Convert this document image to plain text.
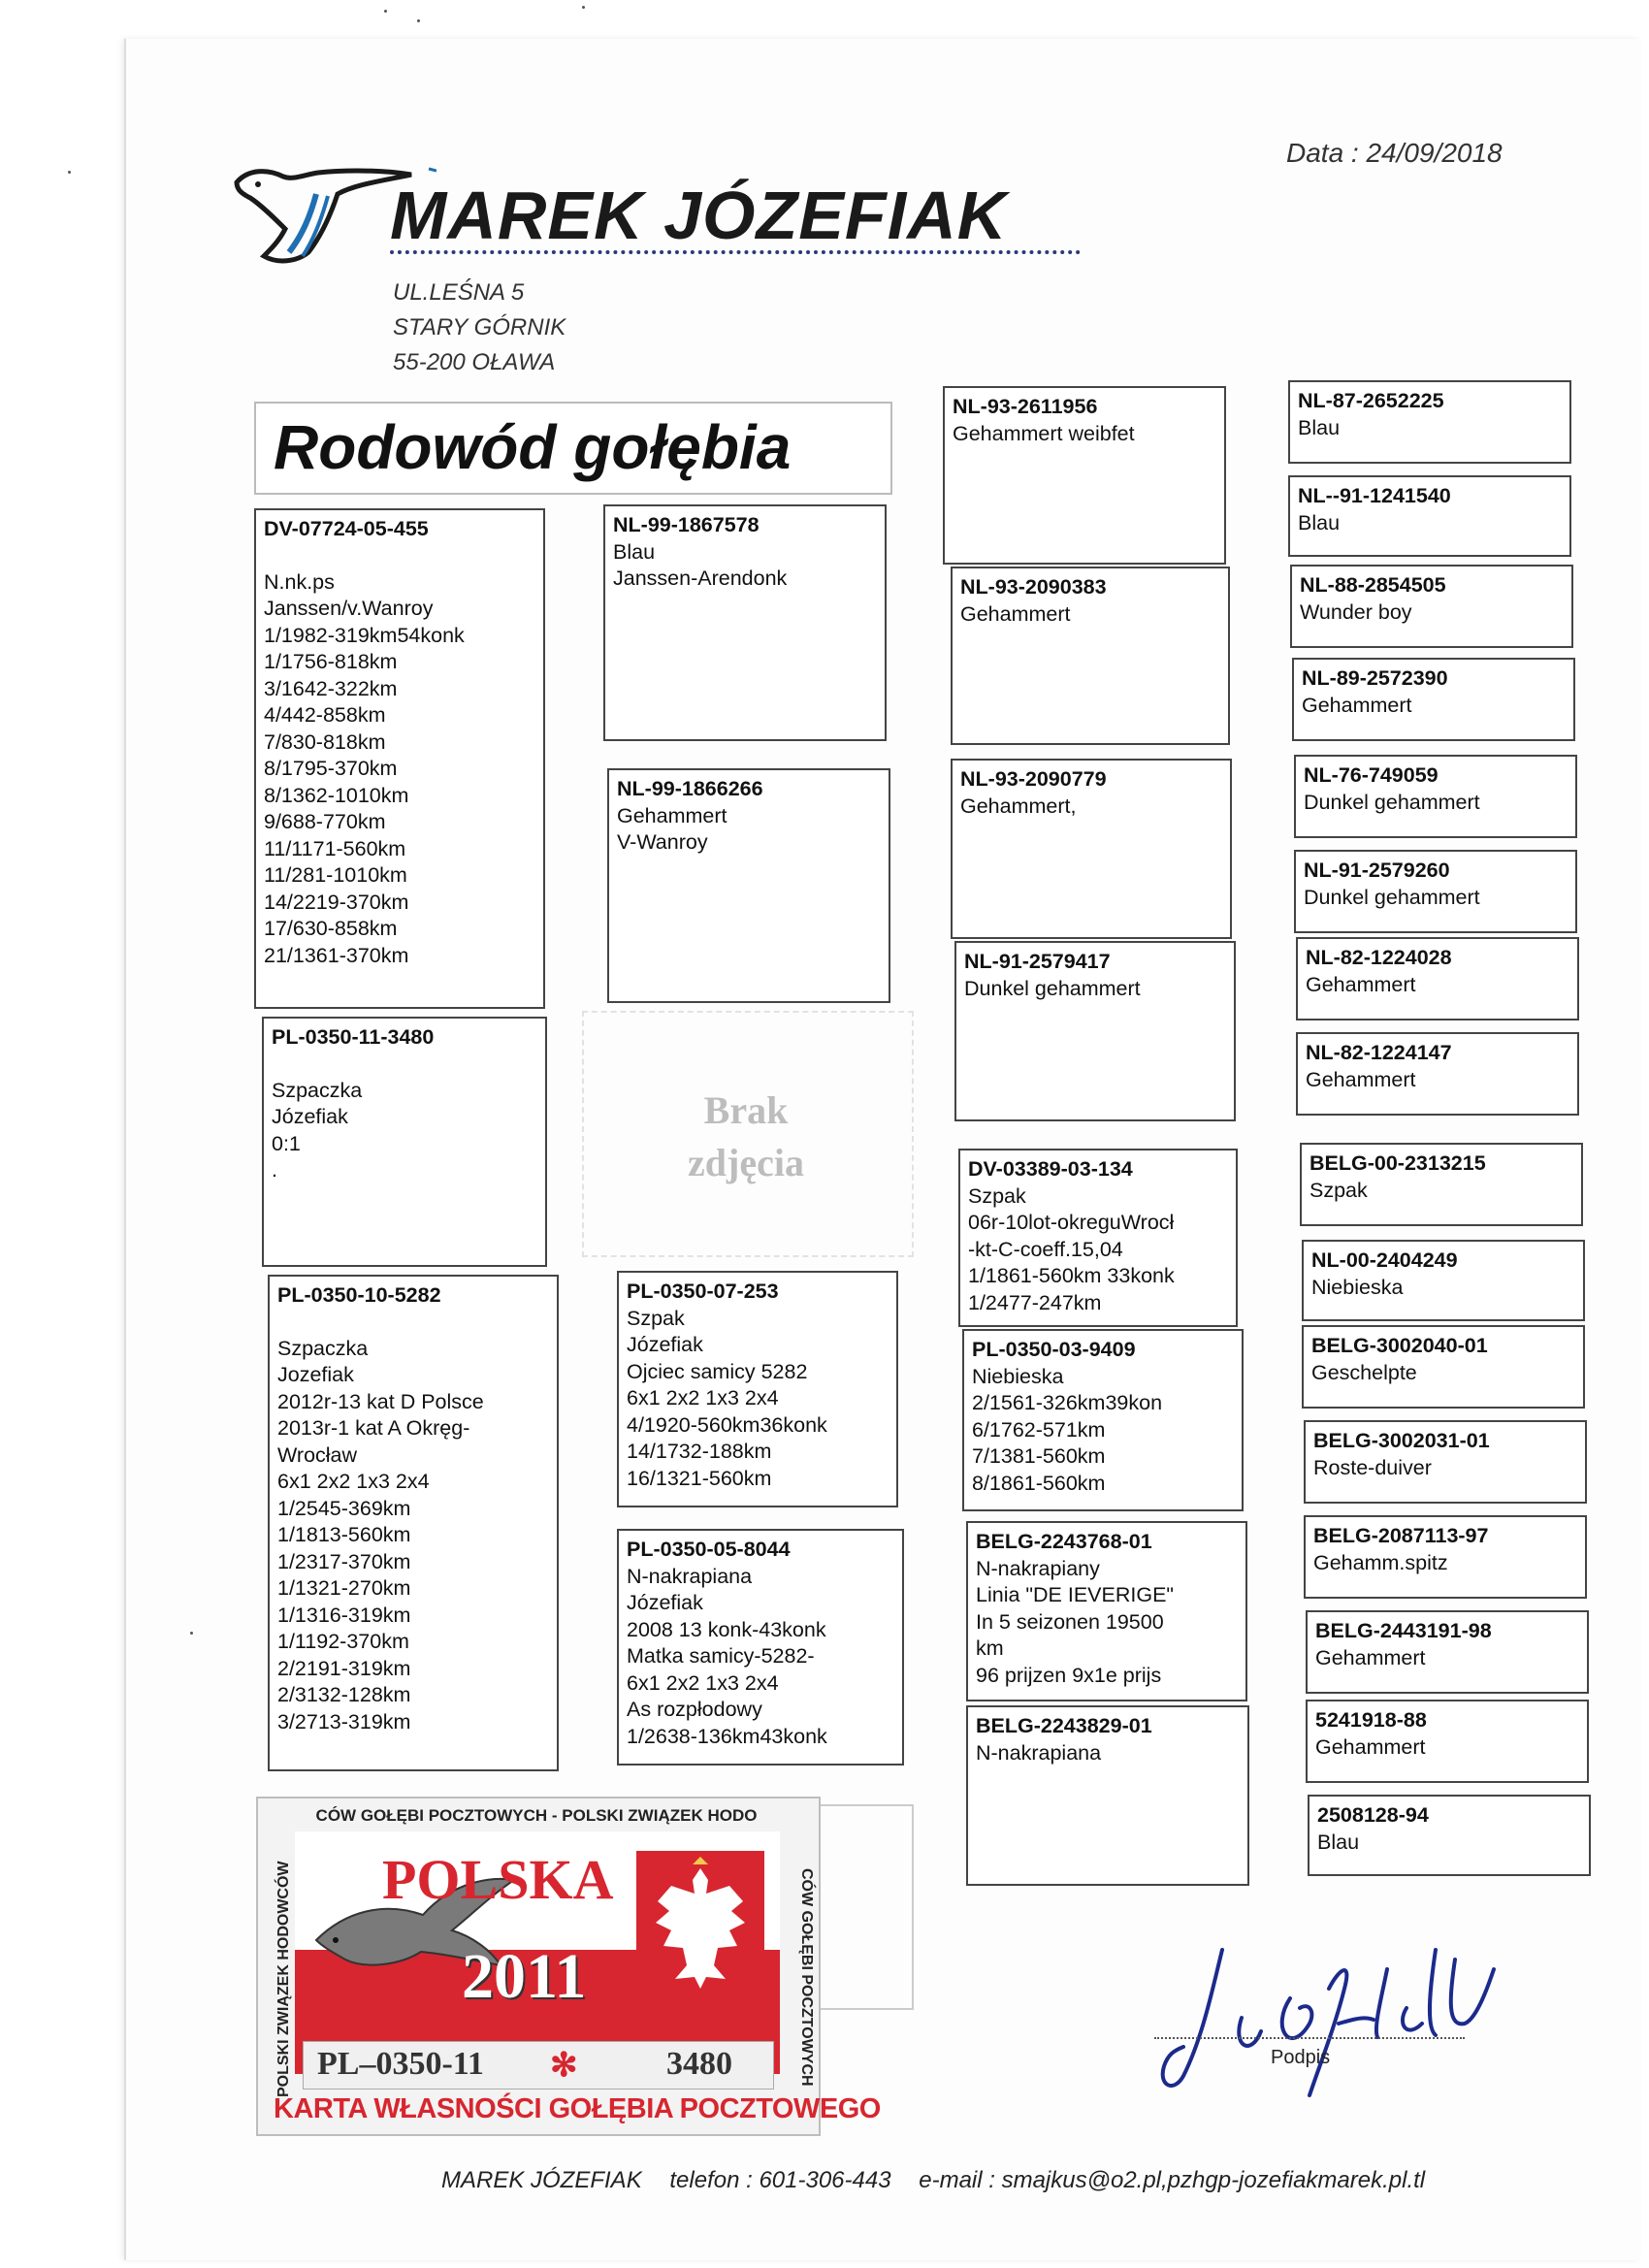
Data : 24/09/2018
MAREK JÓZEFIAK
UL.LEŚNA 5
STARY GÓRNIK
55-200 OŁAWA
Rodowód gołębia
DV-07724-05-455
N.nk.ps
Janssen/v.Wanroy
1/1982-319km54konk
1/1756-818km
3/1642-322km
4/442-858km
7/830-818km
8/1795-370km
8/1362-1010km
9/688-770km
11/1171-560km
11/281-1010km
14/2219-370km
17/630-858km
21/1361-370km
PL-0350-11-3480
Szpaczka
Józefiak
0:1
.
PL-0350-10-5282
Szpaczka
Jozefiak
2012r-13 kat D Polsce
2013r-1 kat A Okręg-
Wrocław
6x1 2x2 1x3 2x4
1/2545-369km
1/1813-560km
1/2317-370km
1/1321-270km
1/1316-319km
1/1192-370km
2/2191-319km
2/3132-128km
3/2713-319km
NL-99-1867578
Blau
Janssen-Arendonk
NL-99-1866266
Gehammert
V-Wanroy
PL-0350-07-253
Szpak
Józefiak
Ojciec samicy 5282
6x1 2x2 1x3 2x4
4/1920-560km36konk
14/1732-188km
16/1321-560km
PL-0350-05-8044
N-nakrapiana
Józefiak
2008 13 konk-43konk
Matka samicy-5282-
6x1 2x2 1x3 2x4
As rozpłodowy
1/2638-136km43konk
Brak
zdjęcia
NL-93-2611956
Gehammert weibfet
NL-93-2090383
Gehammert
NL-93-2090779
Gehammert,
NL-91-2579417
Dunkel gehammert
DV-03389-03-134
Szpak
06r-10lot-okreguWrocł
-kt-C-coeff.15,04
1/1861-560km 33konk
1/2477-247km
PL-0350-03-9409
Niebieska
2/1561-326km39kon
6/1762-571km
7/1381-560km
8/1861-560km
BELG-2243768-01
N-nakrapiany
Linia "DE IEVERIGE"
In 5 seizonen 19500
km
96 prijzen 9x1e prijs
BELG-2243829-01
N-nakrapiana
NL-87-2652225
Blau
NL--91-1241540
Blau
NL-88-2854505
Wunder boy
NL-89-2572390
Gehammert
NL-76-749059
Dunkel gehammert
NL-91-2579260
Dunkel gehammert
NL-82-1224028
Gehammert
NL-82-1224147
Gehammert
BELG-00-2313215
Szpak
NL-00-2404249
Niebieska
BELG-3002040-01
Geschelpte
BELG-3002031-01
Roste-duiver
BELG-2087113-97
Gehamm.spitz
BELG-2443191-98
Gehammert
5241918-88
Gehammert
2508128-94
Blau
CÓW GOŁĘBI POCZTOWYCH - POLSKI ZWIĄZEK HODO
POLSKI ZWIĄZEK HODOWCÓW	CÓW GOŁĘBI POCZTOWYCH
POLSKA
2011
PL–0350-11 ✻	3480
KARTA WŁASNOŚCI GOŁĘBIA POCZTOWEGO
Podpis
MAREK JÓZEFIAK telefon : 601-306-443 e-mail : smajkus@o2.pl,pzhgp-jozefiakmarek.pl.tl
